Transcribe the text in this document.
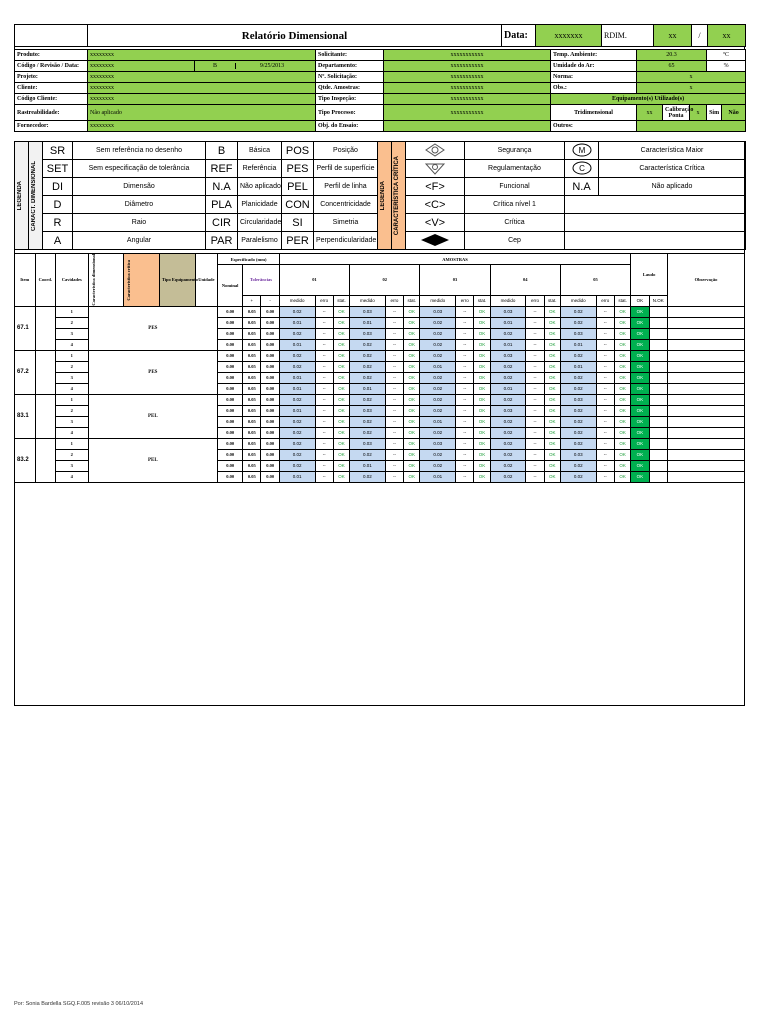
	Relatório Dimensional	Data:	xxxxxxx	RDIM.	xx	/	xx
Produto:	xxxxxxxx		Solicitante:	xxxxxxxxxxx	Temp. Ambiente:	20.3			ºC	
Código / Revisão / Data:	xxxxxxxx	B 9/25/2013	Departamento:	xxxxxxxxxxx	Umidade do Ar:	65			%	
Projeto:	xxxxxxxx		Nº. Solicitação:	xxxxxxxxxxx	Norma:	x				
Cliente:	xxxxxxxx		Qtde. Amostras:	xxxxxxxxxxx	Obs.:	x				
Código Cliente:	xxxxxxxx		Tipo Inspeção:	xxxxxxxxxxx	Equipamento(s) Utilizado(s)					
Rastreabilidade:	Não aplicado		Tipo Processo:	xxxxxxxxxxx	Tridimensional	xx	Calibração Ponta	x	Sim	Não
Fornecedor:	xxxxxxxx		Obj. do Ensaio:		Outros:					
LEGENDA	CARACT. DIMENSIONAL	SR	Sem referência no desenho	B	Básica	POS	Posição	LEGENDA	CARACTERÍSTICA CRÍTICA		Segurança	M	Característica Maior
		SET	Sem especificação de tolerância	REF	Referência	PES	Perfil de superfície				Regulamentação	C	Característica Crítica
		DI	Dimensão	N.A	Não aplicado	PEL	Perfil de linha			<F>	Funcional	N.A	Não aplicado
		D	Diâmetro	PLA	Planicidade	CON	Concentricidade			<C>	Crítica nível 1		
		R	Raio	CIR	Circularidade	SI	Simetria			<V>	Crítica		
		A	Angular	PAR	Paralelismo	PER	Perpendicularidade				Cep		
Item	Coord.	Cavidades	Característica dimensional	Característica crítica	Tipo Equipamento	Unidade	Especificado (mm)			AMOSTRAS															Laudo		Observação
							Nominal	Tolerâncias		01			02			03			04			05					
								+	-	medido	erro	stat.	medido	erro	stat.	medido	erro	stat.	medido	erro	stat.	medido	erro	stat.	OK	N.OK	
67.1		1	PES				0.00	0.05	0.00	0.02	--	OK	0.03	--	OK	0.03	--	OK	0.03	--	OK	0.02	--	OK	OK		
		2					0.00	0.05	0.00	0.01	--	OK	0.01	--	OK	0.02	--	OK	0.01	--	OK	0.02	--	OK	OK		
		3					0.00	0.05	0.00	0.02	--	OK	0.03	--	OK	0.02	--	OK	0.02	--	OK	0.03	--	OK	OK		
		4					0.00	0.05	0.00	0.01	--	OK	0.02	--	OK	0.02	--	OK	0.01	--	OK	0.01	--	OK	OK		
67.2		1	PES				0.00	0.05	0.00	0.02	--	OK	0.02	--	OK	0.02	--	OK	0.03	--	OK	0.02	--	OK	OK		
		2					0.00	0.05	0.00	0.02	--	OK	0.02	--	OK	0.01	--	OK	0.02	--	OK	0.01	--	OK	OK		
		3					0.00	0.05	0.00	0.01	--	OK	0.02	--	OK	0.02	--	OK	0.02	--	OK	0.02	--	OK	OK		
		4					0.00	0.05	0.00	0.01	--	OK	0.01	--	OK	0.02	--	OK	0.01	--	OK	0.02	--	OK	OK		
83.1		1	PEL				0.00	0.05	0.00	0.02	--	OK	0.02	--	OK	0.02	--	OK	0.02	--	OK	0.03	--	OK	OK		
		2					0.00	0.05	0.00	0.01	--	OK	0.03	--	OK	0.02	--	OK	0.03	--	OK	0.02	--	OK	OK		
		3					0.00	0.05	0.00	0.02	--	OK	0.02	--	OK	0.01	--	OK	0.02	--	OK	0.02	--	OK	OK		
		4					0.00	0.05	0.00	0.02	--	OK	0.02	--	OK	0.02	--	OK	0.02	--	OK	0.02	--	OK	OK		
83.2		1	PEL				0.00	0.05	0.00	0.02	--	OK	0.03	--	OK	0.03	--	OK	0.02	--	OK	0.02	--	OK	OK		
		2					0.00	0.05	0.00	0.02	--	OK	0.02	--	OK	0.02	--	OK	0.02	--	OK	0.03	--	OK	OK		
		3					0.00	0.05	0.00	0.02	--	OK	0.01	--	OK	0.02	--	OK	0.02	--	OK	0.02	--	OK	OK		
		4					0.00	0.05	0.00	0.01	--	OK	0.02	--	OK	0.01	--	OK	0.02	--	OK	0.02	--	OK	OK		
Por: Sonia Bardella SGQ.F.005 revisão 3 06/10/2014
